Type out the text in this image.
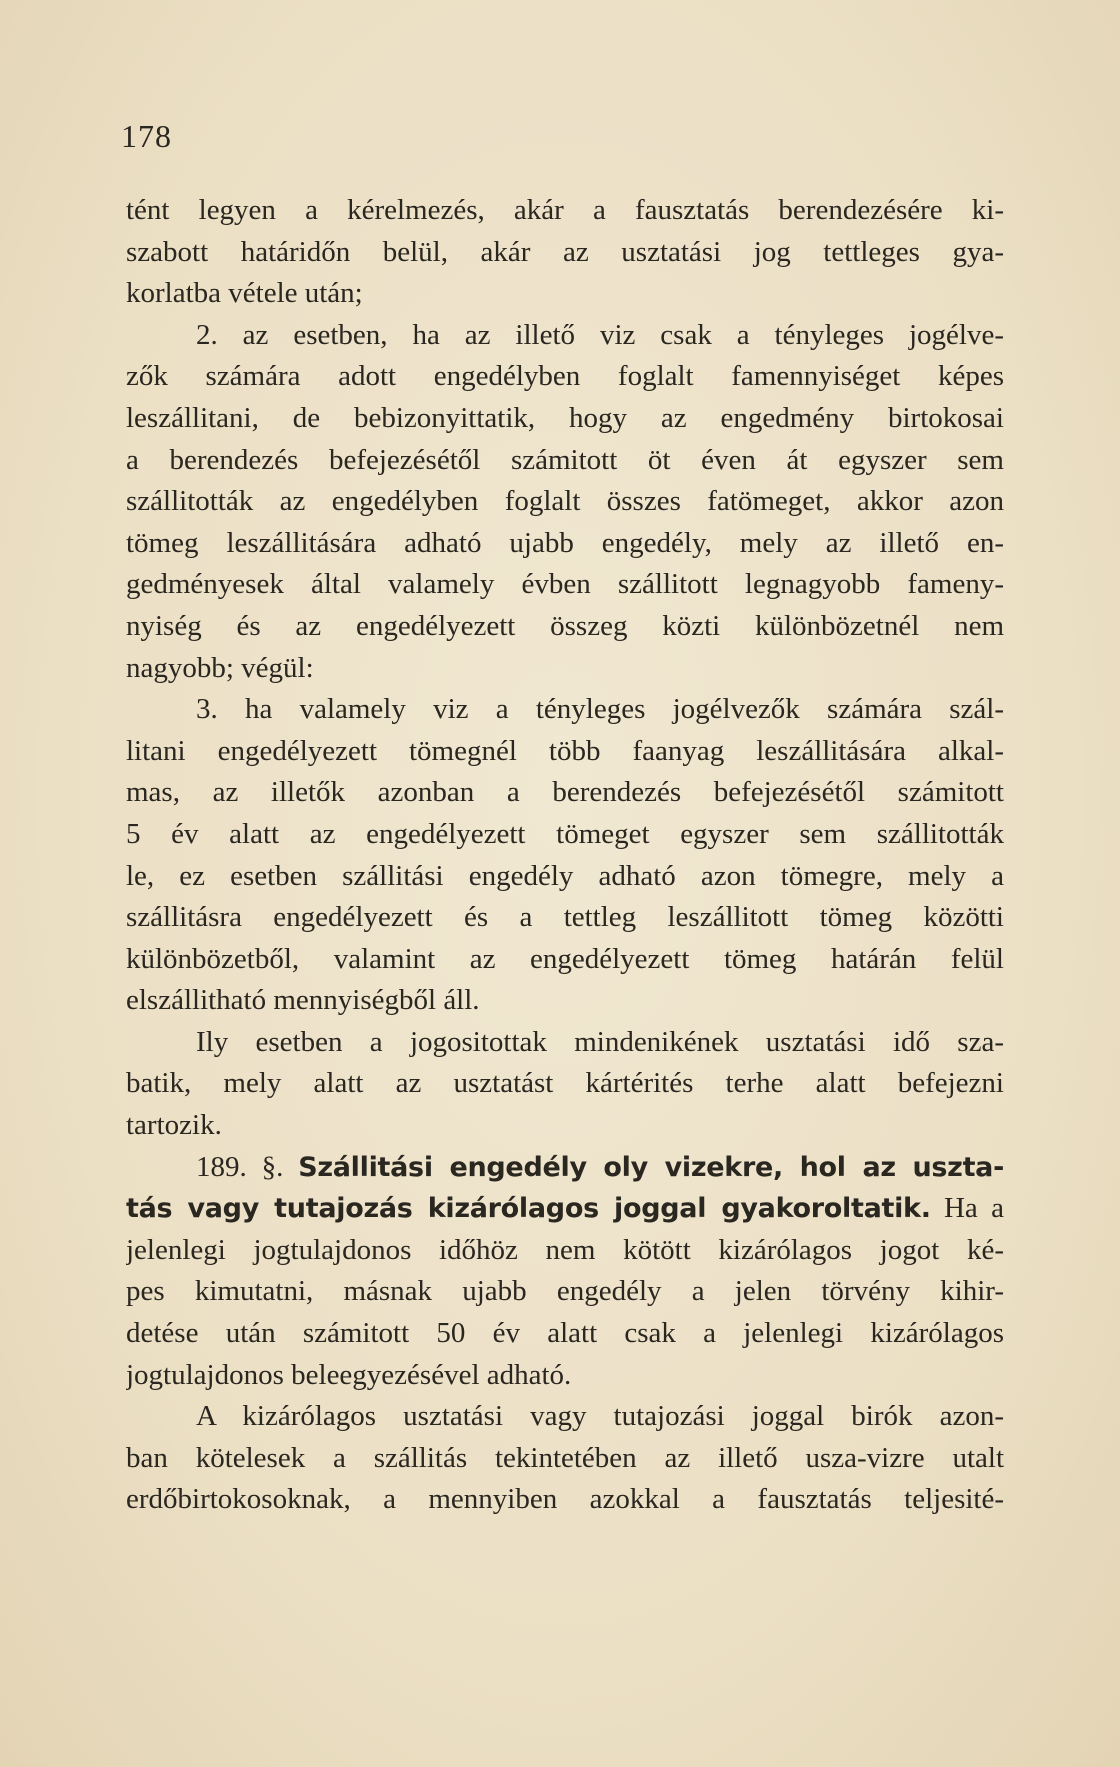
178
tént legyen a kérelmezés, akár a fausztatás berendezésére ki-
szabott határidőn belül, akár az usztatási jog tettleges gya-
korlatba vétele után;
2. az esetben, ha az illető viz csak a tényleges jogélve-
zők számára adott engedélyben foglalt famennyiséget képes
leszállitani, de bebizonyittatik, hogy az engedmény birtokosai
a berendezés befejezésétől számitott öt éven át egyszer sem
szállitották az engedélyben foglalt összes fatömeget, akkor azon
tömeg leszállitására adható ujabb engedély, mely az illető en-
gedményesek által valamely évben szállitott legnagyobb fameny-
nyiség és az engedélyezett összeg közti különbözetnél nem
nagyobb; végül:
3. ha valamely viz a tényleges jogélvezők számára szál-
litani engedélyezett tömegnél több faanyag leszállitására alkal-
mas, az illetők azonban a berendezés befejezésétől számitott
5 év alatt az engedélyezett tömeget egyszer sem szállitották
le, ez esetben szállitási engedély adható azon tömegre, mely a
szállitásra engedélyezett és a tettleg leszállitott tömeg közötti
különbözetből, valamint az engedélyezett tömeg határán felül
elszállitható mennyiségből áll.
Ily esetben a jogositottak mindenikének usztatási idő sza-
batik, mely alatt az usztatást kártérités terhe alatt befejezni
tartozik.
189. §. Szállitási engedély oly vizekre, hol az uszta-
tás vagy tutajozás kizárólagos joggal gyakoroltatik. Ha a
jelenlegi jogtulajdonos időhöz nem kötött kizárólagos jogot ké-
pes kimutatni, másnak ujabb engedély a jelen törvény kihir-
detése után számitott 50 év alatt csak a jelenlegi kizárólagos
jogtulajdonos beleegyezésével adható.
A kizárólagos usztatási vagy tutajozási joggal birók azon-
ban kötelesek a szállitás tekintetében az illető usza-vizre utalt
erdőbirtokosoknak, a mennyiben azokkal a fausztatás teljesité-
